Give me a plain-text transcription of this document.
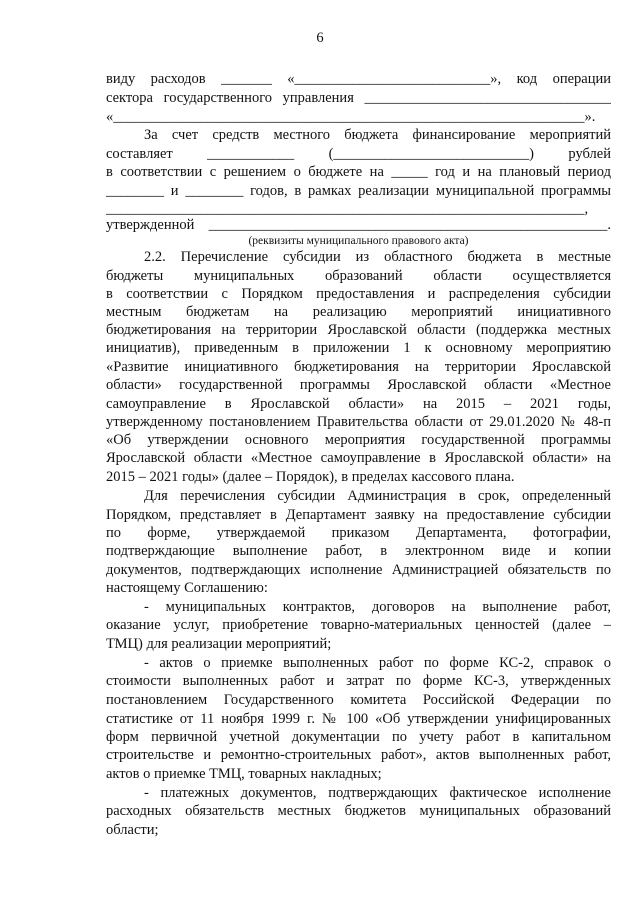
6
виду расходов _______ «___________________________», код операции
сектора государственного управления __________________________________
«_________________________________________________________________».
За счет средств местного бюджета финансирование мероприятий
составляет ____________ (___________________________) рублей
в соответствии с решением о бюджете на _____ год и на плановый период
________ и ________ годов, в рамках реализации муниципальной программы
__________________________________________________________________,
утвержденной _______________________________________________________.
(реквизиты муниципального правового акта)
2.2. Перечисление субсидии из областного бюджета в местные
бюджеты муниципальных образований области осуществляется
в соответствии с Порядком предоставления и распределения субсидии
местным бюджетам на реализацию мероприятий инициативного
бюджетирования на территории Ярославской области (поддержка местных
инициатив), приведенным в приложении 1 к основному мероприятию
«Развитие инициативного бюджетирования на территории Ярославской
области» государственной программы Ярославской области «Местное
самоуправление в Ярославской области» на 2015 – 2021 годы,
утвержденному постановлением Правительства области от 29.01.2020 № 48-п
«Об утверждении основного мероприятия государственной программы
Ярославской области «Местное самоуправление в Ярославской области» на
2015 – 2021 годы» (далее – Порядок), в пределах кассового плана.
Для перечисления субсидии Администрация в срок, определенный
Порядком, представляет в Департамент заявку на предоставление субсидии
по форме, утверждаемой приказом Департамента, фотографии,
подтверждающие выполнение работ, в электронном виде и копии
документов, подтверждающих исполнение Администрацией обязательств по
настоящему Соглашению:
- муниципальных контрактов, договоров на выполнение работ,
оказание услуг, приобретение товарно-материальных ценностей (далее –
ТМЦ) для реализации мероприятий;
- актов о приемке выполненных работ по форме КС-2, справок о
стоимости выполненных работ и затрат по форме КС-3, утвержденных
постановлением Государственного комитета Российской Федерации по
статистике от 11 ноября 1999 г. № 100 «Об утверждении унифицированных
форм первичной учетной документации по учету работ в капитальном
строительстве и ремонтно-строительных работ», актов выполненных работ,
актов о приемке ТМЦ, товарных накладных;
- платежных документов, подтверждающих фактическое исполнение
расходных обязательств местных бюджетов муниципальных образований
области;
